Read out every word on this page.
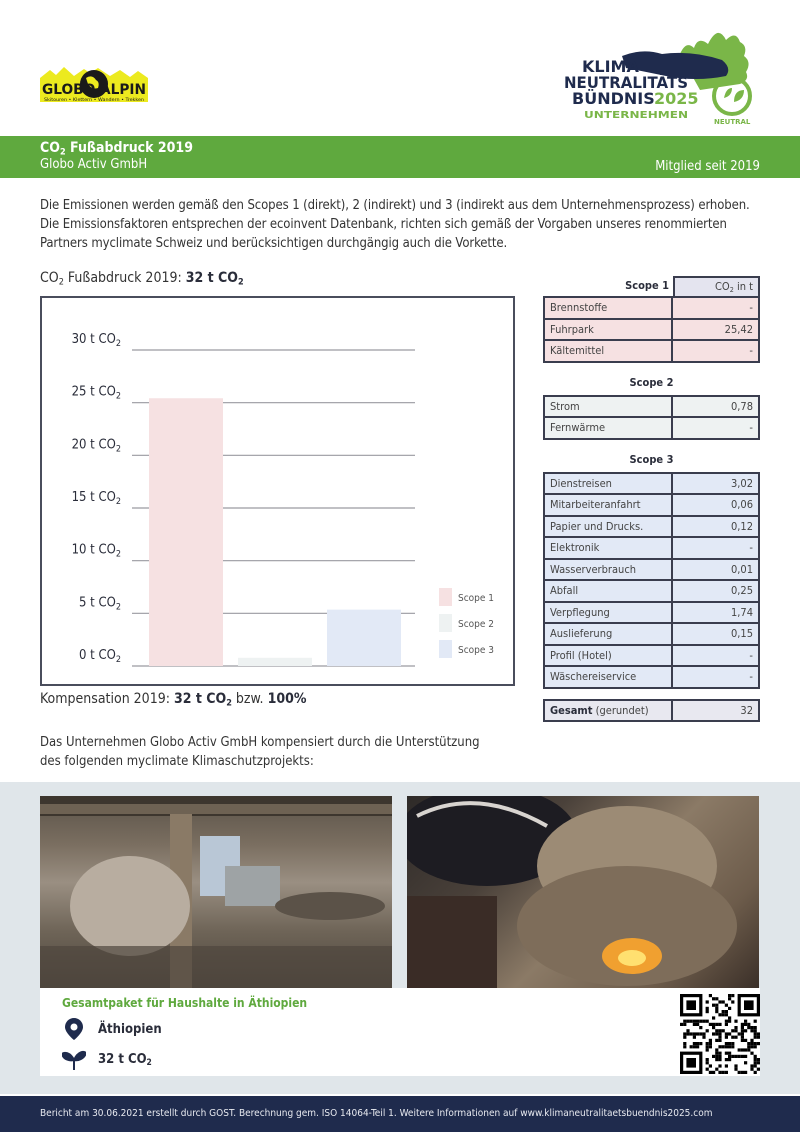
GLOBO ALPIN
Skitouren • Klettern • Wandern • Trekken
KLIMA
NEUTRALITÄTS
BÜNDNIS 2025
UNTERNEHMEN
NEUTRAL
$CO_2$ Fußabdruck 2019
Globo Activ GmbH	Mitglied seit 2019

Die Emissionen werden gemäß den Scopes 1 (direkt), 2 (indirekt) und 3 (indirekt aus dem Unternehmensprozess) erhoben. Die Emissionsfaktoren entsprechen der ecoinvent Datenbank, richten sich gemäß der Vorgaben unseres renommierten Partners myclimate Schweiz und berücksichtigen durchgängig auch die Vorkette.

$CO_2$ Fußabdruck 2019: 32 t $CO_2$
0 t $CO_2$
5 t $CO_2$
10 t $CO_2$
15 t $CO_2$
20 t $CO_2$
25 t $CO_2$
30 t $CO_2$
Scope 1
Scope 2
Scope 3
Kompensation 2019: 32 t $CO_2$ bzw. 100%
Scope 1	$CO_2$ in t
Brennstoffe	-
Fuhrpark	25,42
Kältemittel	-
Scope 2
Strom	0,78
Fernwärme	-
Scope 3
Dienstreisen	3,02
Mitarbeiteranfahrt	0,06
Papier und Drucks.	0,12
Elektronik	-
Wasserverbrauch	0,01
Abfall	0,25
Verpflegung	1,74
Auslieferung	0,15
Profil (Hotel)	-
Wäschereiservice	-
Gesamt (gerundet)	32
Das Unternehmen Globo Activ GmbH kompensiert durch die Unterstützung
des folgenden myclimate Klimaschutzprojekts:
Gesamtpaket für Haushalte in Äthiopien
Äthiopien
32 t $CO_2$
Bericht am 30.06.2021 erstellt durch GOST. Berechnung gem. ISO 14064-Teil 1. Weitere Informationen auf www.klimaneutralitaetsbuendnis2025.com
